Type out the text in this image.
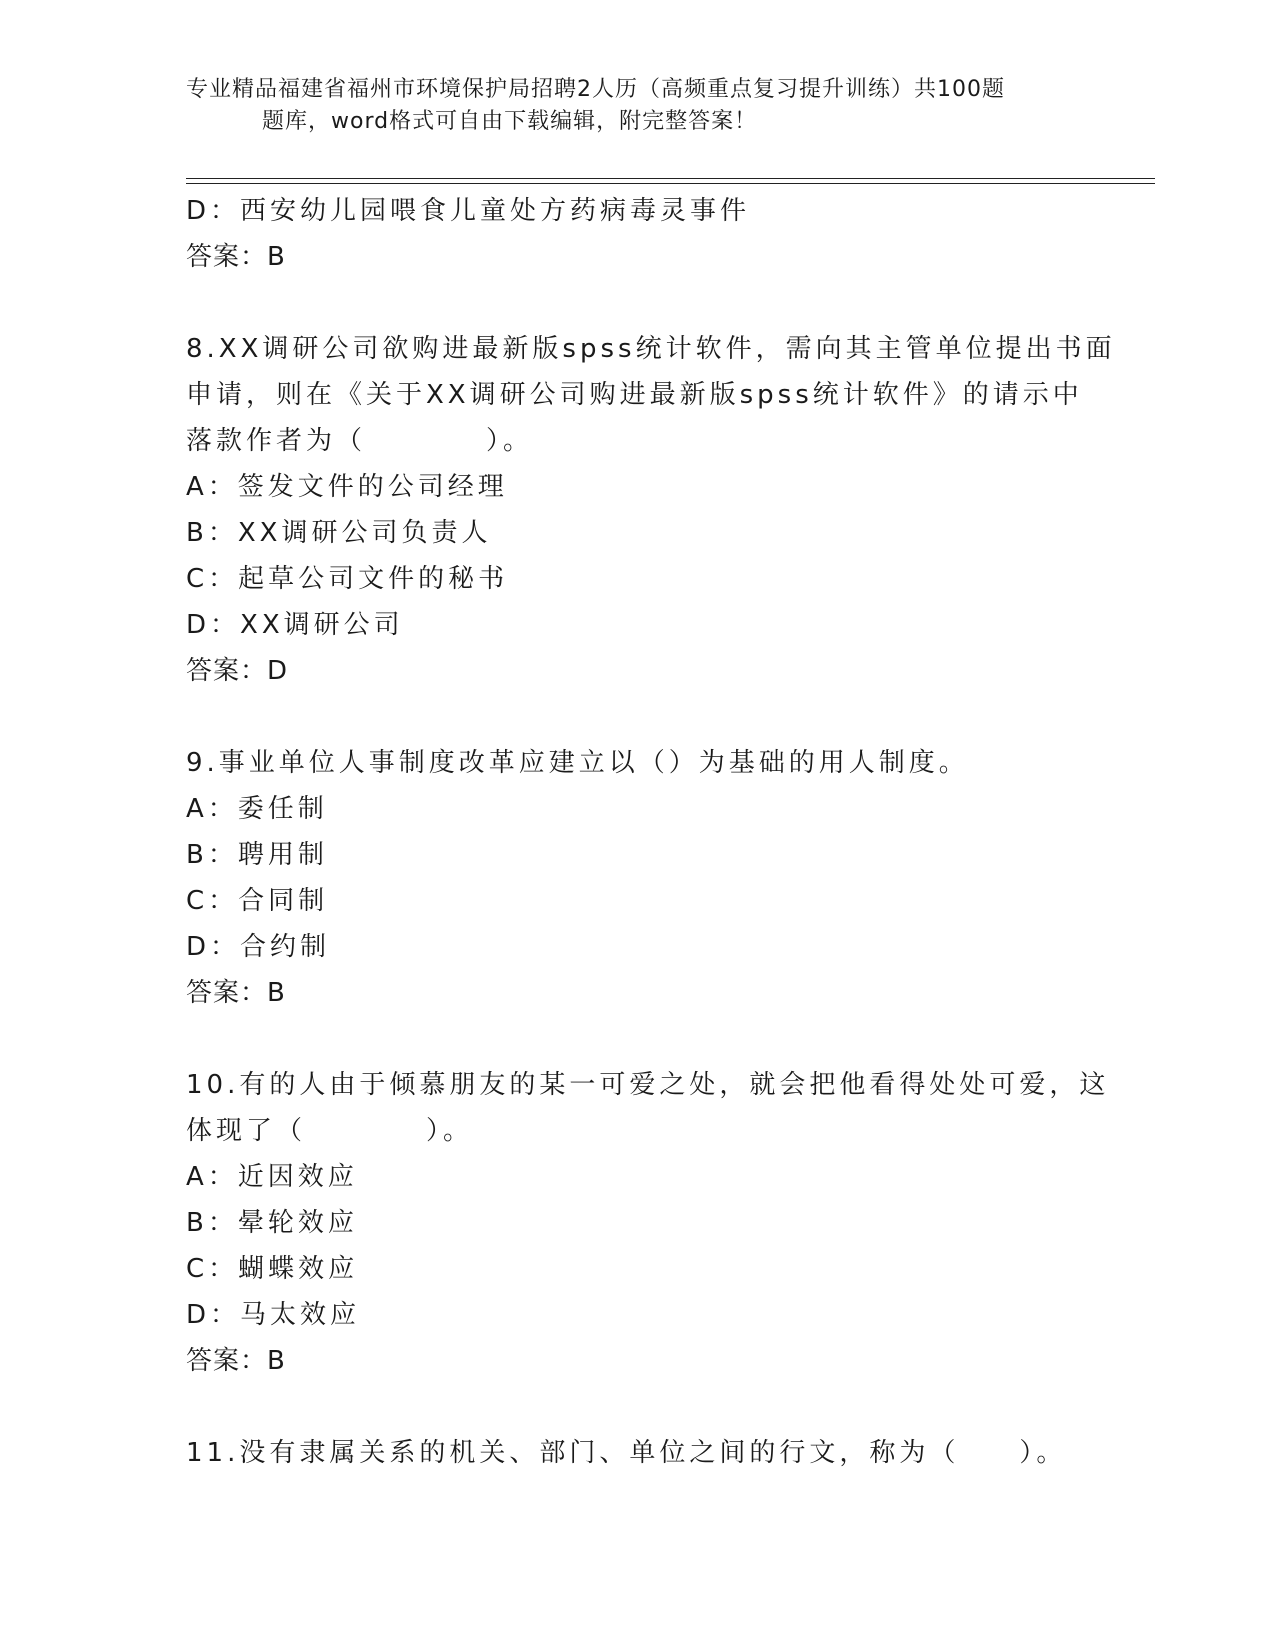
专业精品福建省福州市环境保护局招聘2人历（高频重点复习提升训练）共100题
题库，word格式可自由下载编辑，附完整答案！

D：西安幼儿园喂食儿童处方药病毒灵事件

答案：B

8.XX调研公司欲购进最新版spss统计软件，需向其主管单位提出书面

申请，则在《关于XX调研公司购进最新版spss统计软件》的请示中

落款作者为（　　　　）。

A：签发文件的公司经理

B：XX调研公司负责人

C：起草公司文件的秘书

D：XX调研公司

答案：D

9.事业单位人事制度改革应建立以（）为基础的用人制度。

A：委任制

B：聘用制

C：合同制

D：合约制

答案：B

10.有的人由于倾慕朋友的某一可爱之处，就会把他看得处处可爱，这

体现了（　　　　）。

A：近因效应

B：晕轮效应

C：蝴蝶效应

D：马太效应

答案：B

11.没有隶属关系的机关、部门、单位之间的行文，称为（　　）。
